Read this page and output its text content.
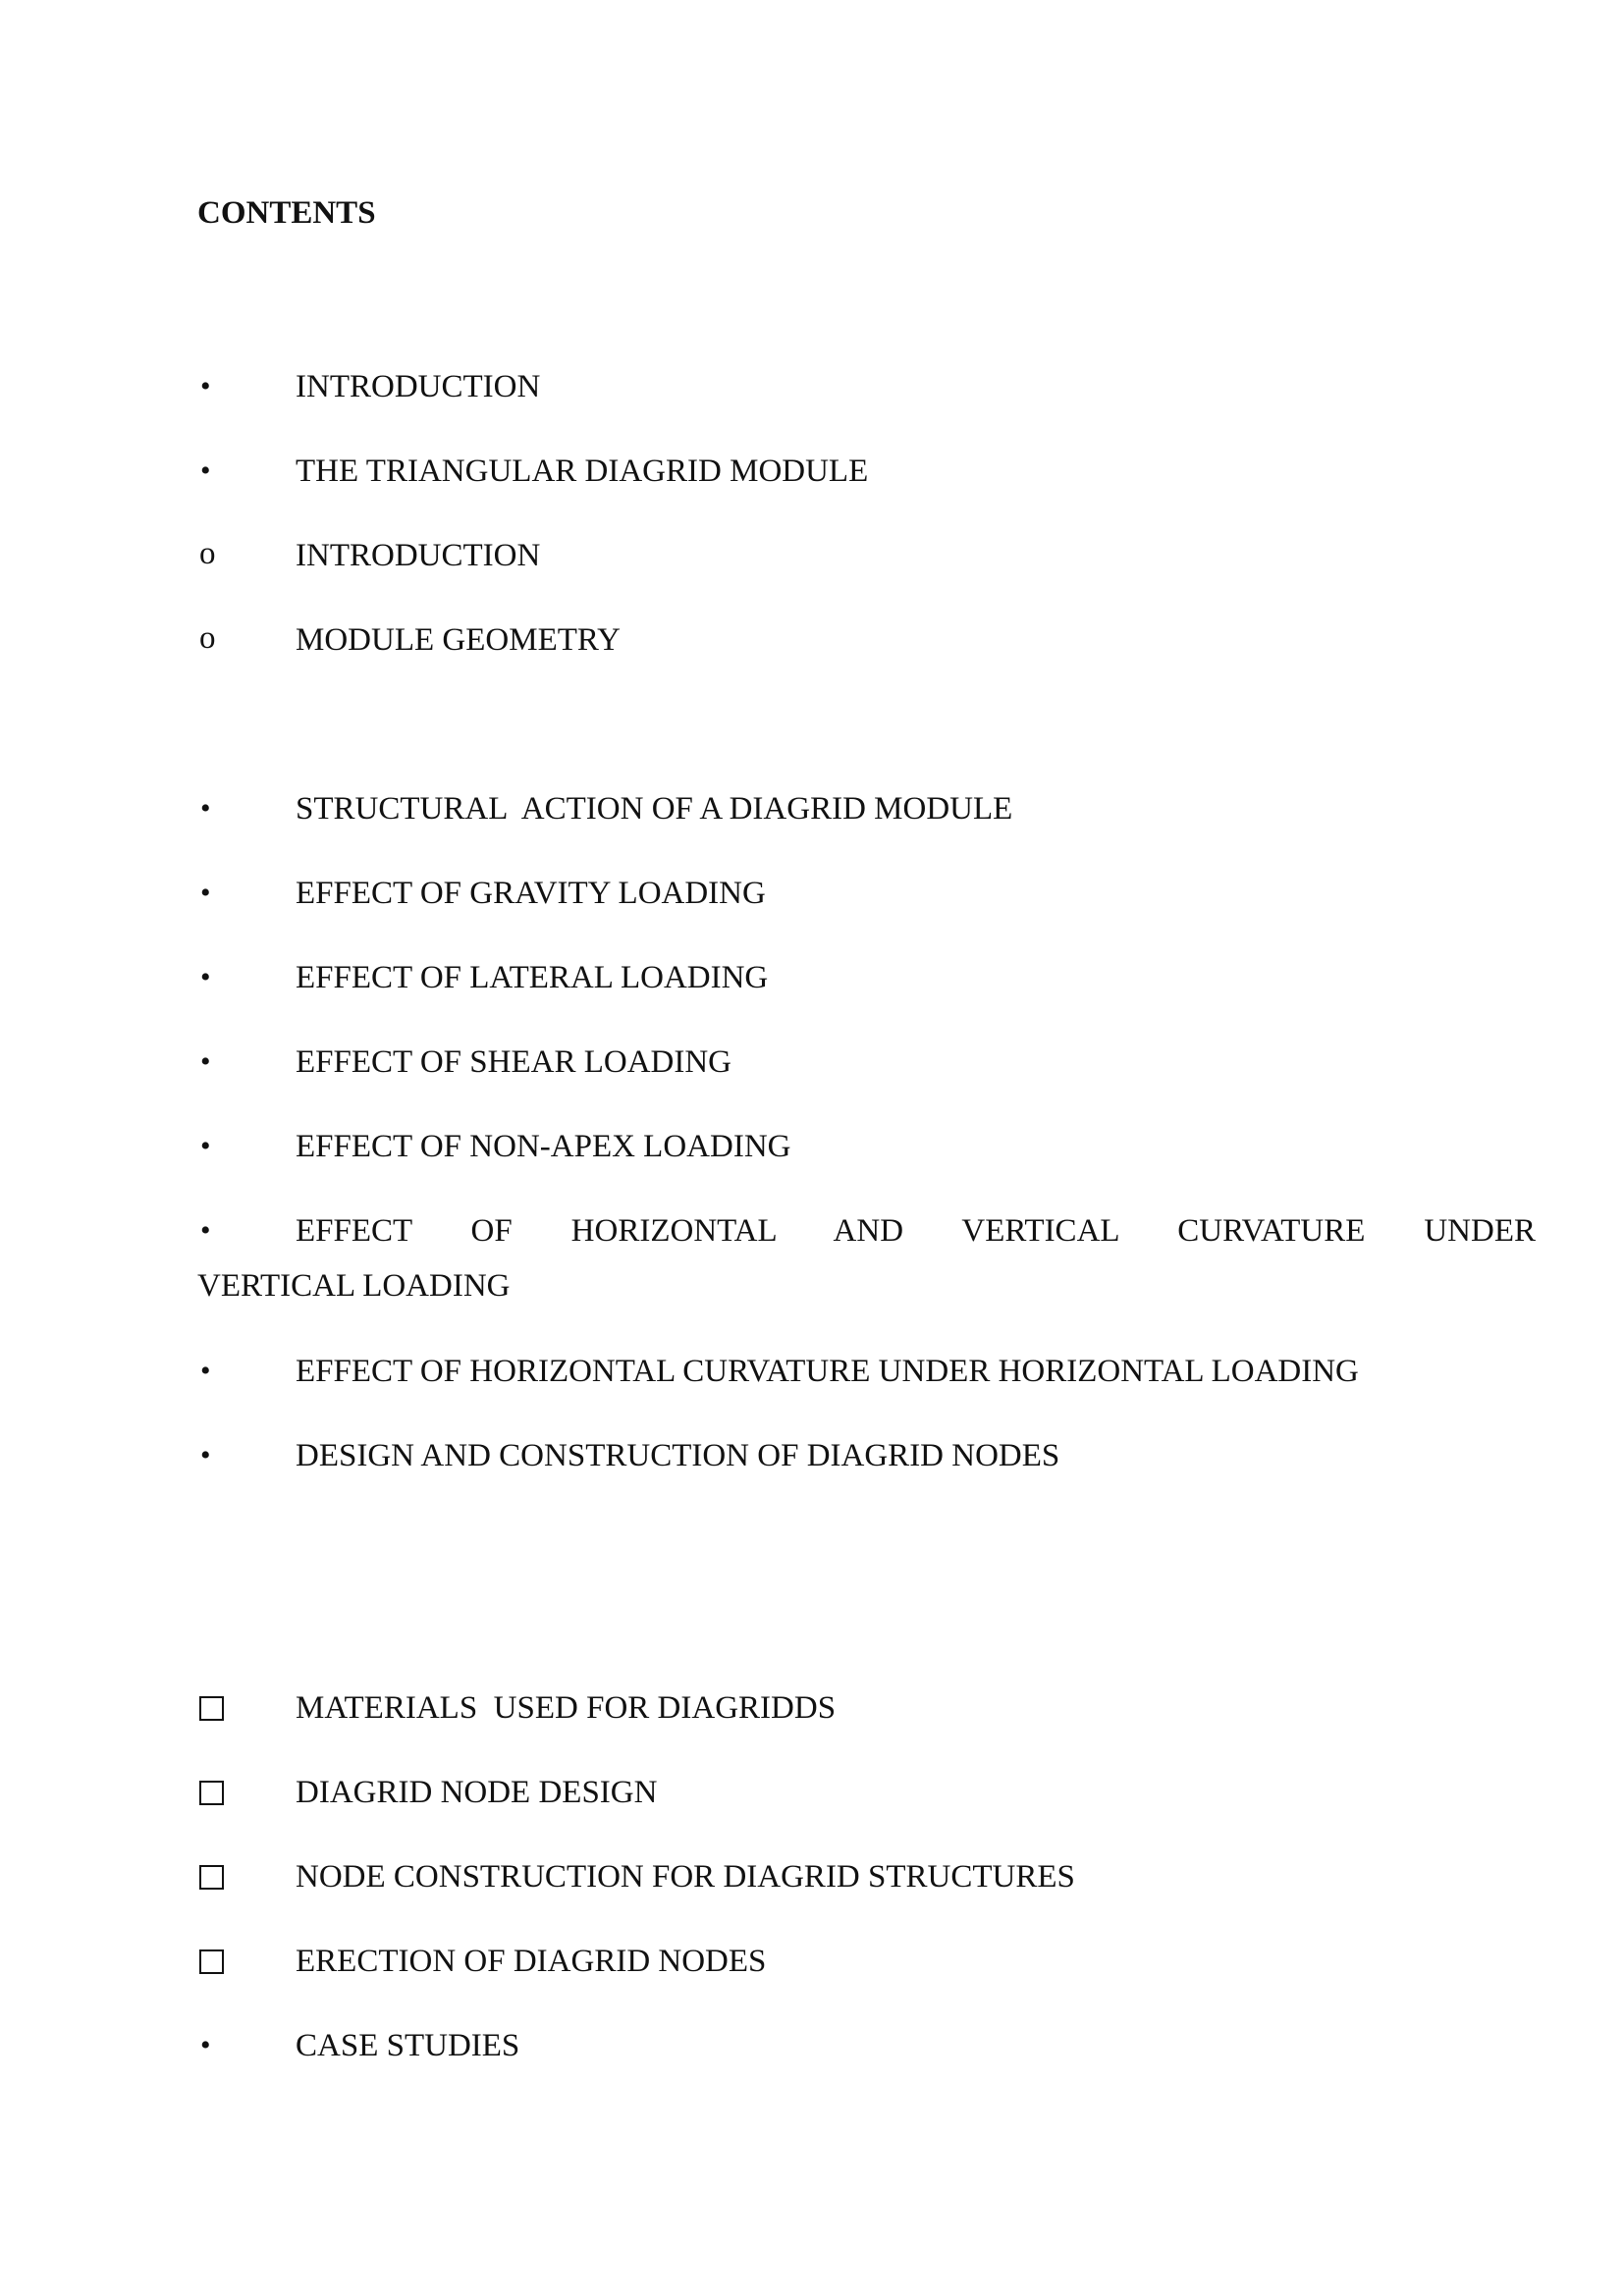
CONTENTS
•	INTRODUCTION
•	THE TRIANGULAR DIAGRID MODULE
o	INTRODUCTION
o	MODULE GEOMETRY
•	STRUCTURAL  ACTION OF A DIAGRID MODULE
•	EFFECT OF GRAVITY LOADING
•	EFFECT OF LATERAL LOADING
•	EFFECT OF SHEAR LOADING
•	EFFECT OF NON-APEX LOADING
•	EFFECT OF HORIZONTAL AND VERTICAL CURVATURE UNDER
VERTICAL LOADING
•	EFFECT OF HORIZONTAL CURVATURE UNDER HORIZONTAL LOADING
•	DESIGN AND CONSTRUCTION OF DIAGRID NODES
MATERIALS  USED FOR DIAGRIDDS
DIAGRID NODE DESIGN
NODE CONSTRUCTION FOR DIAGRID STRUCTURES
ERECTION OF DIAGRID NODES
•	CASE STUDIES
